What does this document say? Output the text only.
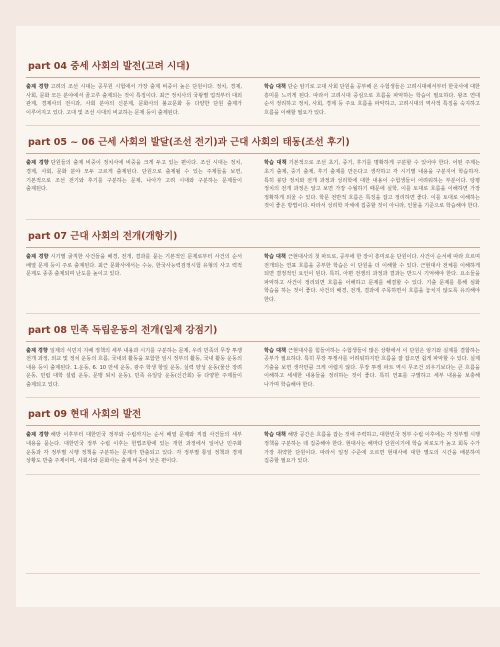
part 04 중세 사회의 발전(고려 시대)
출제 경향 고려의 조선 시대는 공무원 시험에서 가장 출제 비중이 높은 단원이다. 정치, 경제, 사회, 문화 모든 분야에서 골고루 출제되는 것이 특징이다. 최근 정치사의 국왕별 업적부터 대외 관계, 경제사의 전시과, 사회 분야의 신분제, 문화사의 불교문화 등 다양한 단원 출제가 이루어지고 있다. 고대 및 조선 시대의 비교하는 문제 등이 출제된다.
학습 대책 단순 암기로 고대 사회 단원을 공부해 온 수험생들은 고려시대에서부터 한국사에 대한 흥미를 느끼게 된다. 따라서 고려시대 중심으로 흐름을 파악하는 학습이 필요하다. 왕조 연대 순서 정리하고 정치, 사회, 경제 등 주요 흐름을 파악하고, 고려시대의 역사적 특징을 숙지하고 흐름을 이해할 필요가 있다.
part 05 ~ 06 근세 사회의 발달(조선 전기)과 근대 사회의 태동(조선 후기)
출제 경향 단원들의 출제 비중이 정치사에 비중을 크게 두고 있는 편이다. 조선 시대는 정치, 경제, 사회, 문화 분야 모두 고르게 출제된다. 단원으로 출제될 수 있는 주제들을 보면, 기본적으로 조선 전기와 후기를 구분하는 문제, 나아가 고려 시대와 구분하는 문제들이 출제된다.
학습 대책 기본적으로 조선 초기, 중기, 후기를 명확하게 구분할 수 있어야 한다. 어떤 주제는 초기 출제, 중기 출제, 후기 출제를 만든다고 생각하고 각 시기별 내용을 구분지어 학습하자. 특히 붕당 정치와 전개 과정과 성리학에 대한 내용이 수험생들이 어려워하는 부분이다. 탕평 정치의 전개 과정은 알고 보면 가장 수월하기 때문에 실학, 이를 토대로 흐름을 이해하면 가장 정확하게 외울 수 있다. 학문 전반적 흐름은 특징을 잡고 정리하면 좋다. 이를 토대로 이해하는 것이 좋은 방법이다. 따라서 성리학 자체에 집중할 것이 아니라, 인물을 기준으로 학습해야 한다.
part 07 근대 사회의 전개(개항기)
출제 경향 시기별 굵직한 사건들을 배경, 전개, 결과를 묻는 기본적인 문제로부터 사건의 순서 배열 문제 등이 주로 출제된다. 최근 문화사에서는 수능, 한국사능력검정시험 유형의 사고 력적 문제도 종종 출제되며 난도를 높이고 있다.
학습 대책 근현대사의 첫 파트로, 공부에 한 장이 흥미로운 단원이다. 사건이 순서에 따라 흐르며 전개되는 연표 흐름을 공부한 학습은 이 단원을 더 이해할 수 있다. 근현대사 전체를 이해하게 되면 결정적인 요인이 된다. 특히, 아편 전쟁의 과정과 결과는 반드시 기억해야 한다. 요소들을 파악하고 사건이 정리되면 흐름을 이해하고 문제를 해결할 수 있다. 기출 문제를 통해 심화 학습을 하는 것이 좋다. 사건의 배경, 전개, 결과에 주목하면서 흐름을 놓치지 않도록 유의해야 한다.
part 08 민족 독립운동의 전개(일제 강점기)
출제 경향 일제의 식민지 지배 정책의 세부 내용과 시기를 구분하는 문제, 우리 민족의 무장 투쟁 전개 과정, 외교 및 정치 운동의 흐름, 국내외 활동을 포함한 임시 정부의 활동, 국내 활동 운동의 내용 등이 출제된다. 1.운동, 6. 10 만세 운동, 광주 학생 항일 운동, 실력 양성 운동(물산 장려 운동, 민립 대학 설립 운동, 문맹 퇴치 운동), 민족 유일당 운동(신간회) 등 다양한 주제들이 출제되고 있다.
학습 대책 근현대사를 힘들어하는 수험생들이 많은 상황에서 이 단원은 암기와 실제를 결합하는 공부가 필요하다. 특히 무장 투쟁사를 어려워하지만 흐름을 잘 잡으면 쉽게 파악할 수 있다. 실제 기출을 보면 생각만큼 크게 어렵지 않다. 무장 투쟁 파트 역시 무조건 외우기보다는 큰 흐름을 이해하고 세세한 내용들을 정리하는 것이 좋다. 특히 연표를 구별하고 세부 내용을 보충해 나가며 학습해야 한다.
part 09 현대 사회의 발전
출제 경향 해방 이후부터 대한민국 정부와 수립까지는 순서 배열 문제와 직접 사건들의 세부 내용을 묻는다. 대한민국 정부 수립 이후는 헌법조항에 있는 개헌 과정에서 일어난 민주화 운동과 각 정부별 시행 정책을 구분하는 문제가 반출되고 있다. 각 정부별 통일 정책과 경제 상황도 반출 주제이며, 사회사와 문화사는 출제 비중이 낮은 편이다.
학습 대책 해방 공간은 흐름을 잡는 것에 주력하고, 대한민국 정부 수립 이후에는 각 정부별 시행 정책을 구분하는 데 집중해야 한다. 현대사는 해마다 단원이기에 학습 피로도가 높고 회독 수가 가장 취약한 단원이다. 따라서 일정 수준에 오르면 현대사에 대한 별도의 시간을 배분하여 집중할 필요가 있다.
